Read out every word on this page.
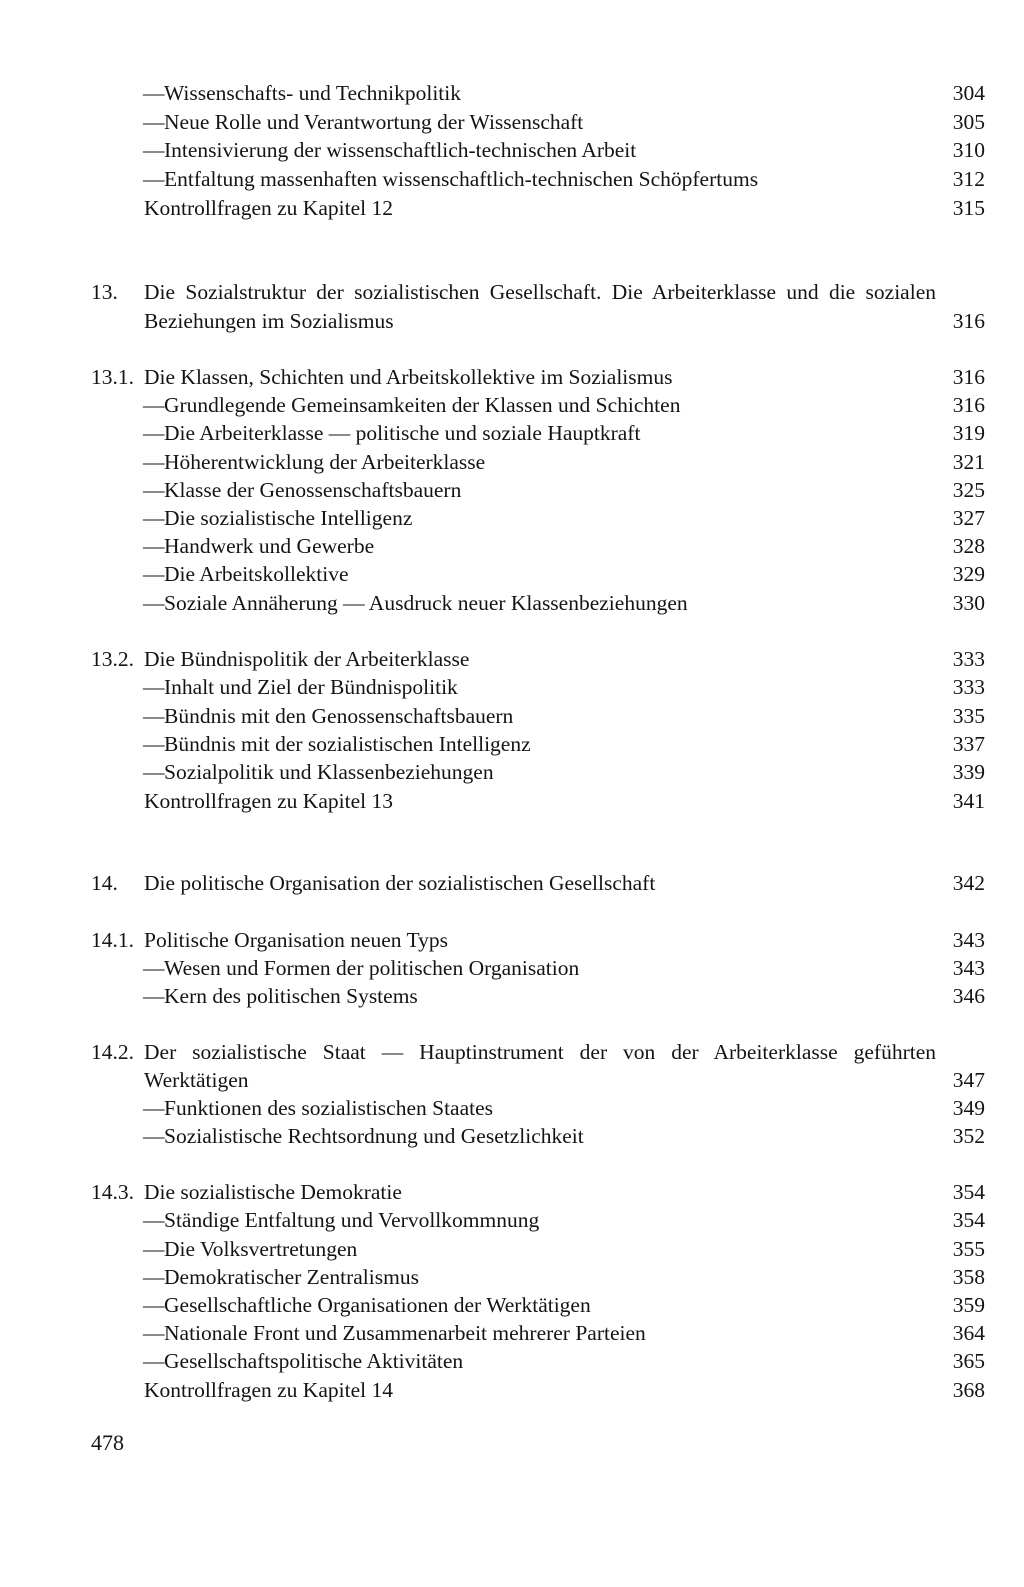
— Wissenschafts- und Technikpolitik	304
— Neue Rolle und Verantwortung der Wissenschaft	305
— Intensivierung der wissenschaftlich-technischen Arbeit	310
— Entfaltung massenhaften wissenschaftlich-technischen Schöpfertums	312
Kontrollfragen zu Kapitel 12	315
13. Die Sozialstruktur der sozialistischen Gesellschaft. Die Arbeiterklasse und die sozialen
Beziehungen im Sozialismus	316
13.1. Die Klassen, Schichten und Arbeitskollektive im Sozialismus	316
— Grundlegende Gemeinsamkeiten der Klassen und Schichten	316
— Die Arbeiterklasse — politische und soziale Hauptkraft	319
— Höherentwicklung der Arbeiterklasse	321
— Klasse der Genossenschaftsbauern	325
— Die sozialistische Intelligenz	327
— Handwerk und Gewerbe	328
— Die Arbeitskollektive	329
— Soziale Annäherung — Ausdruck neuer Klassenbeziehungen	330
13.2. Die Bündnispolitik der Arbeiterklasse	333
— Inhalt und Ziel der Bündnispolitik	333
— Bündnis mit den Genossenschaftsbauern	335
— Bündnis mit der sozialistischen Intelligenz	337
— Sozialpolitik und Klassenbeziehungen	339
Kontrollfragen zu Kapitel 13	341
14. Die politische Organisation der sozialistischen Gesellschaft	342
14.1. Politische Organisation neuen Typs	343
— Wesen und Formen der politischen Organisation	343
— Kern des politischen Systems	346
14.2. Der sozialistische Staat — Hauptinstrument der von der Arbeiterklasse geführten
Werktätigen	347
— Funktionen des sozialistischen Staates	349
— Sozialistische Rechtsordnung und Gesetzlichkeit	352
14.3. Die sozialistische Demokratie	354
— Ständige Entfaltung und Vervollkommnung	354
— Die Volksvertretungen	355
— Demokratischer Zentralismus	358
— Gesellschaftliche Organisationen der Werktätigen	359
— Nationale Front und Zusammenarbeit mehrerer Parteien	364
— Gesellschaftspolitische Aktivitäten	365
Kontrollfragen zu Kapitel 14	368
478
